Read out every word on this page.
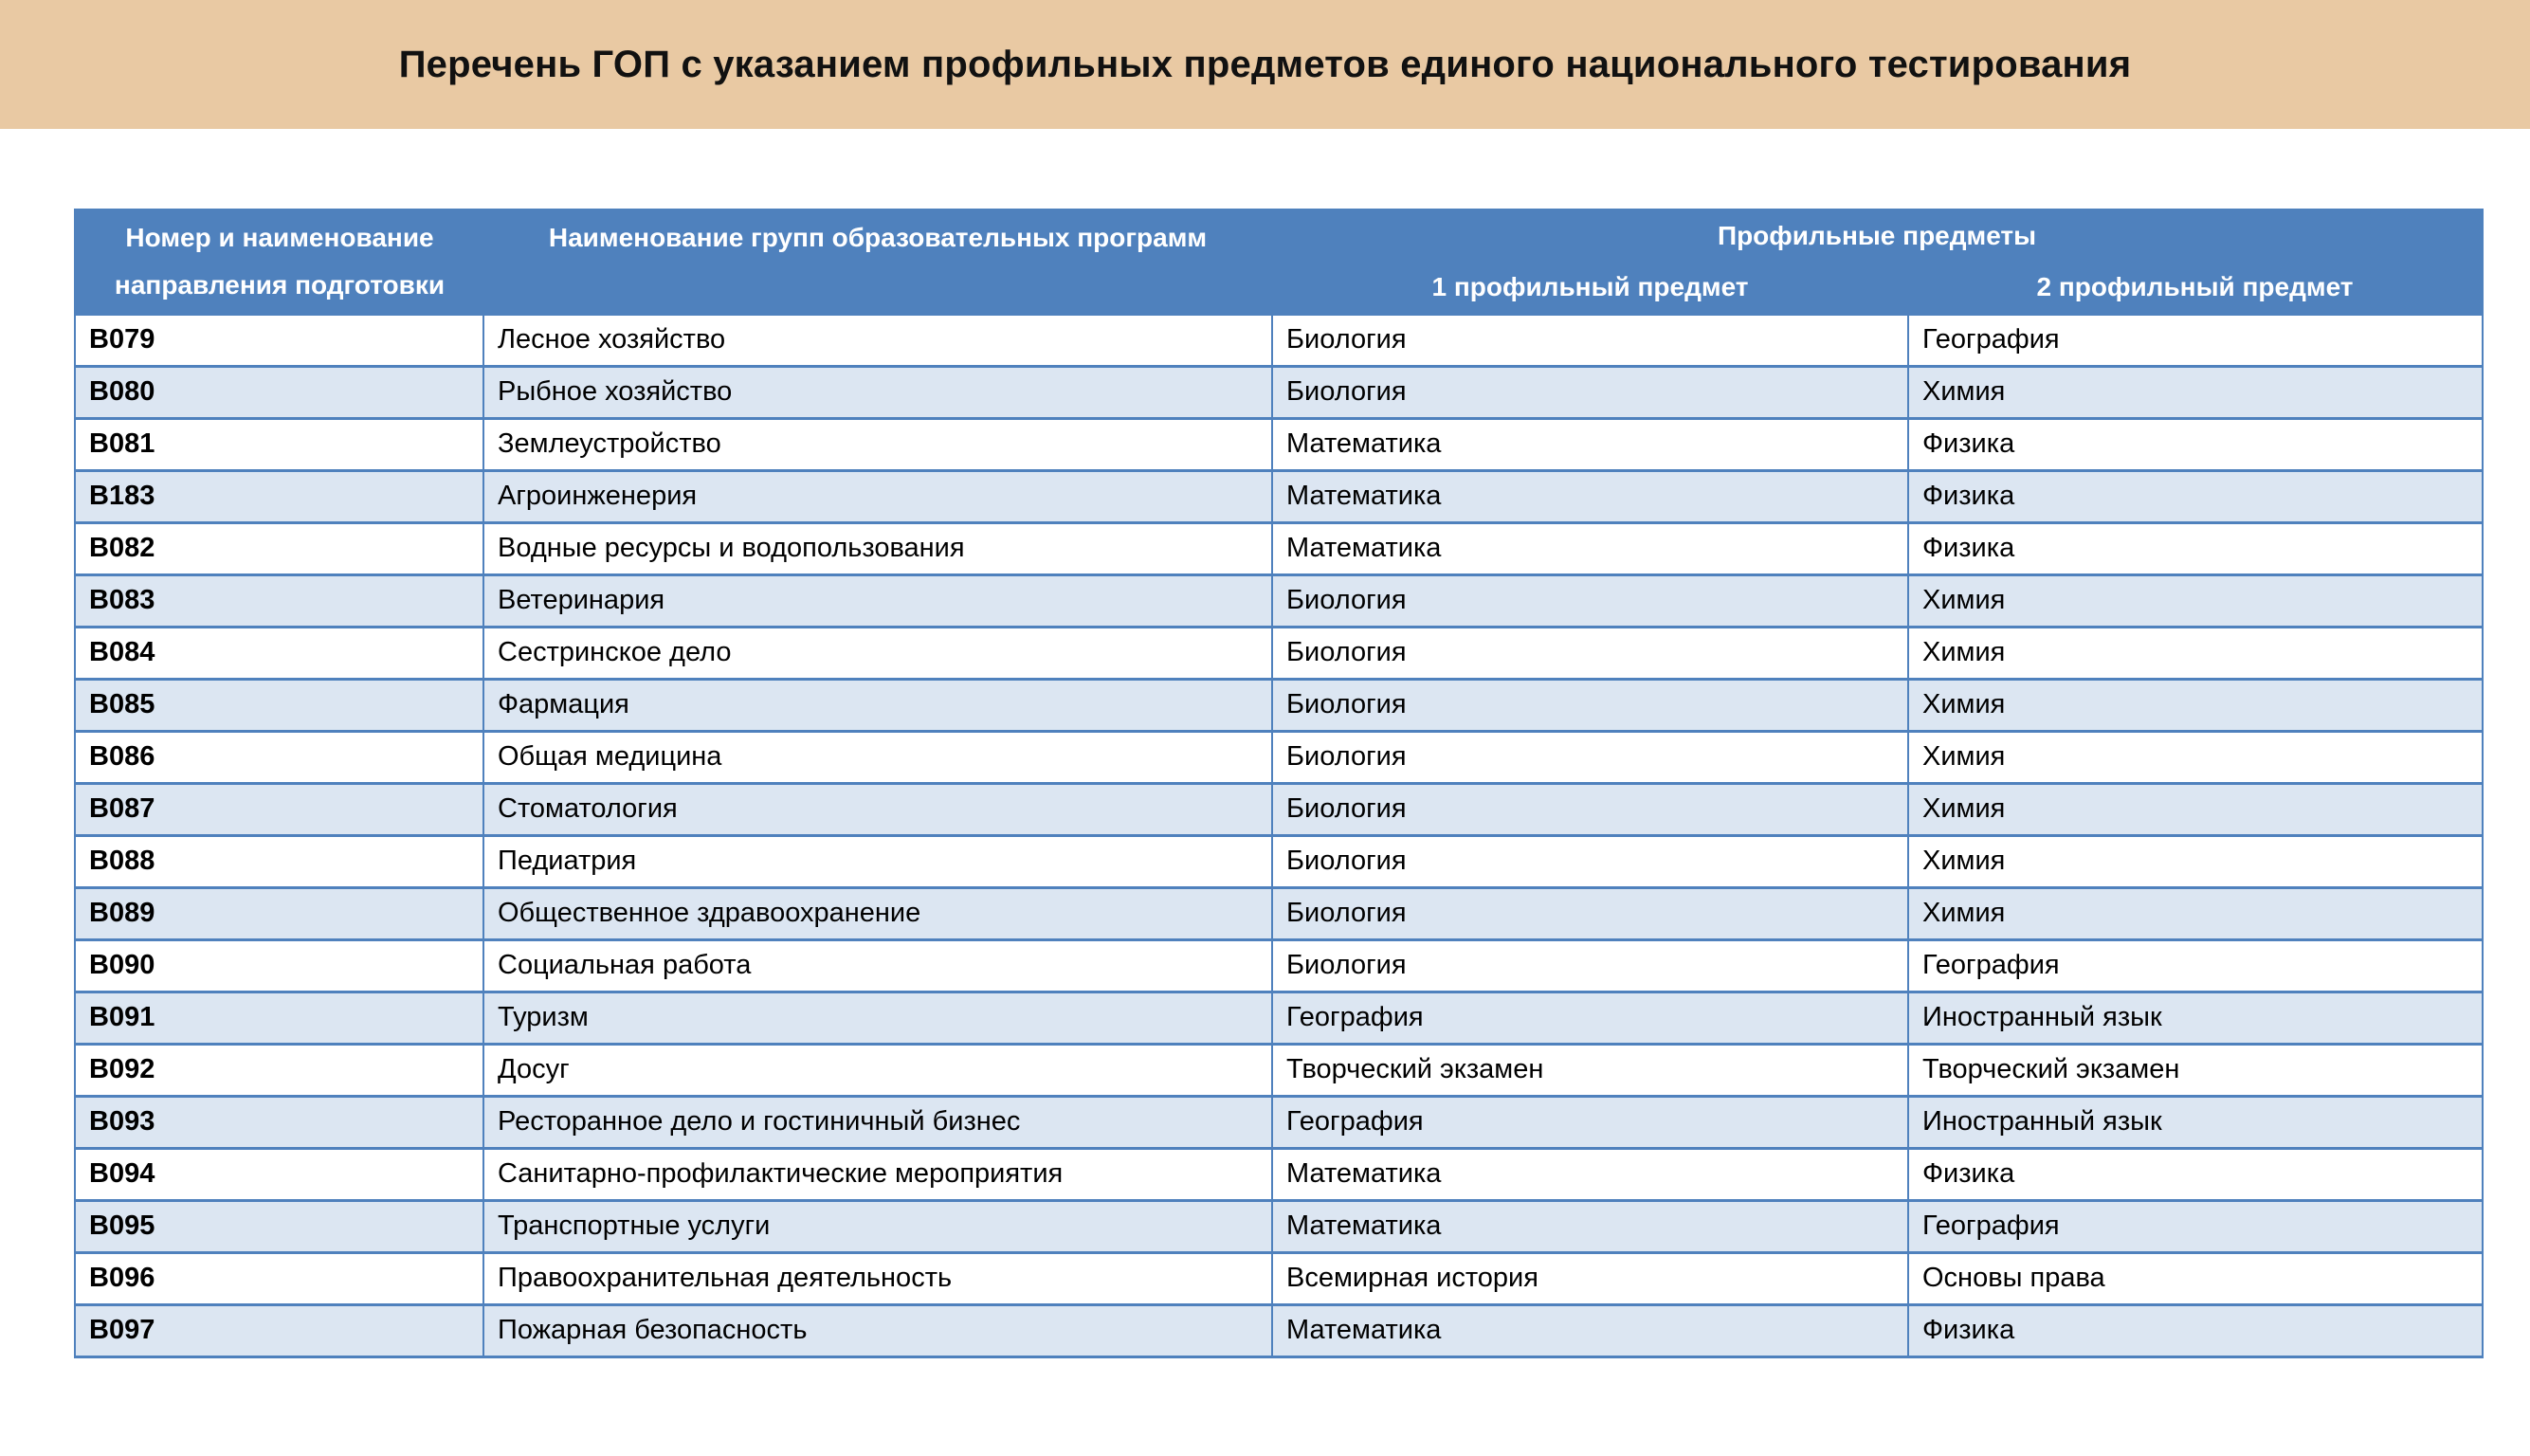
Перечень ГОП с указанием профильных предметов единого национального тестирования
Номер и наименование
направления подготовки	Наименование групп образовательных программ	Профильные предметы	
		1 профильный предмет	2 профильный предмет
B079	Лесное хозяйство	Биология	География
B080	Рыбное хозяйство	Биология	Химия
B081	Землеустройство	Математика	Физика
B183	Агроинженерия	Математика	Физика
B082	Водные ресурсы и водопользования	Математика	Физика
B083	Ветеринария	Биология	Химия
B084	Сестринское дело	Биология	Химия
B085	Фармация	Биология	Химия
B086	Общая медицина	Биология	Химия
B087	Стоматология	Биология	Химия
B088	Педиатрия	Биология	Химия
B089	Общественное здравоохранение	Биология	Химия
B090	Социальная работа	Биология	География
B091	Туризм	География	Иностранный язык
B092	Досуг	Творческий экзамен	Творческий экзамен
B093	Ресторанное дело и гостиничный бизнес	География	Иностранный язык
B094	Санитарно-профилактические мероприятия	Математика	Физика
B095	Транспортные услуги	Математика	География
B096	Правоохранительная деятельность	Всемирная история	Основы права
B097	Пожарная безопасность	Математика	Физика
